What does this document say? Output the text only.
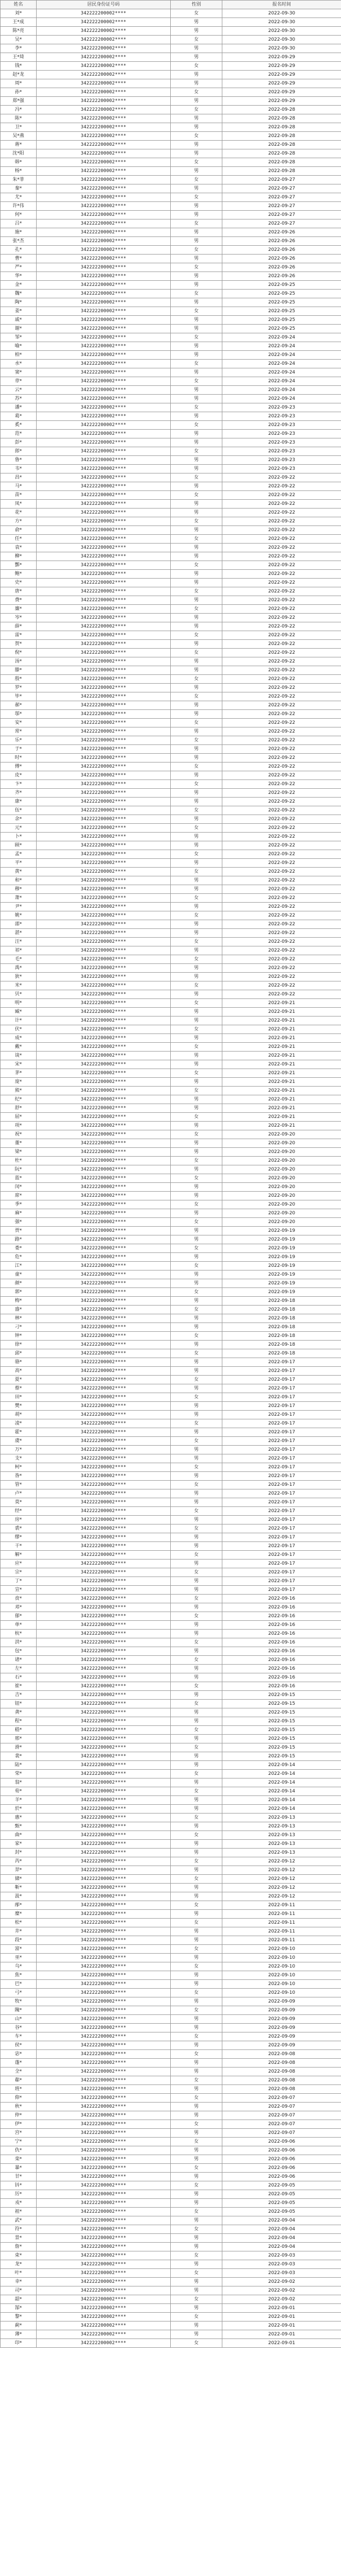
姓名	居民身份证号码	性别	报名时间
刘*	342222200002****	女	2022-09-30
王*成	342222200002****	男	2022-09-30
陈*亮	342222200002****	男	2022-09-30
吴*	342222200002****	女	2022-09-30
李*	342222200002****	男	2022-09-30
王*琦	342222200002****	男	2022-09-29
钱*	342222200002****	女	2022-09-29
赵*龙	342222200002****	男	2022-09-29
周*	342222200002****	男	2022-09-29
孙*	342222200002****	女	2022-09-29
郑*强	342222200002****	男	2022-09-29
冯*	342222200002****	女	2022-09-28
陈*	342222200002****	男	2022-09-28
卫*	342222200002****	男	2022-09-28
吴*燕	342222200002****	女	2022-09-28
蒋*	342222200002****	男	2022-09-28
沈*阳	342222200002****	男	2022-09-28
韩*	342222200002****	女	2022-09-28
杨*	342222200002****	男	2022-09-28
朱*菲	342222200002****	女	2022-09-27
秦*	342222200002****	男	2022-09-27
尤*	342222200002****	女	2022-09-27
许*伟	342222200002****	男	2022-09-27
何*	342222200002****	男	2022-09-27
吕*	342222200002****	女	2022-09-27
施*	342222200002****	男	2022-09-26
张*杰	342222200002****	男	2022-09-26
孔*	342222200002****	女	2022-09-26
曹*	342222200002****	男	2022-09-26
严*	342222200002****	女	2022-09-26
华*	342222200002****	男	2022-09-26
金*	342222200002****	男	2022-09-25
魏*	342222200002****	女	2022-09-25
陶*	342222200002****	男	2022-09-25
姜*	342222200002****	女	2022-09-25
戚*	342222200002****	男	2022-09-25
谢*	342222200002****	男	2022-09-25
邹*	342222200002****	女	2022-09-24
喻*	342222200002****	男	2022-09-24
柏*	342222200002****	男	2022-09-24
水*	342222200002****	女	2022-09-24
窦*	342222200002****	男	2022-09-24
章*	342222200002****	女	2022-09-24
云*	342222200002****	男	2022-09-24
苏*	342222200002****	男	2022-09-24
潘*	342222200002****	女	2022-09-23
葛*	342222200002****	男	2022-09-23
奚*	342222200002****	女	2022-09-23
范*	342222200002****	男	2022-09-23
彭*	342222200002****	男	2022-09-23
郎*	342222200002****	女	2022-09-23
鲁*	342222200002****	男	2022-09-23
韦*	342222200002****	男	2022-09-23
昌*	342222200002****	女	2022-09-22
马*	342222200002****	男	2022-09-22
苗*	342222200002****	女	2022-09-22
凤*	342222200002****	男	2022-09-22
花*	342222200002****	男	2022-09-22
方*	342222200002****	女	2022-09-22
俞*	342222200002****	男	2022-09-22
任*	342222200002****	女	2022-09-22
袁*	342222200002****	男	2022-09-22
柳*	342222200002****	男	2022-09-22
酆*	342222200002****	女	2022-09-22
鲍*	342222200002****	男	2022-09-22
史*	342222200002****	男	2022-09-22
唐*	342222200002****	女	2022-09-22
费*	342222200002****	男	2022-09-22
廉*	342222200002****	女	2022-09-22
岑*	342222200002****	男	2022-09-22
薛*	342222200002****	男	2022-09-22
雷*	342222200002****	女	2022-09-22
贺*	342222200002****	男	2022-09-22
倪*	342222200002****	女	2022-09-22
汤*	342222200002****	男	2022-09-22
滕*	342222200002****	男	2022-09-22
殷*	342222200002****	女	2022-09-22
罗*	342222200002****	男	2022-09-22
毕*	342222200002****	女	2022-09-22
郝*	342222200002****	男	2022-09-22
邬*	342222200002****	男	2022-09-22
安*	342222200002****	女	2022-09-22
常*	342222200002****	男	2022-09-22
乐*	342222200002****	女	2022-09-22
于*	342222200002****	男	2022-09-22
时*	342222200002****	男	2022-09-22
傅*	342222200002****	女	2022-09-22
皮*	342222200002****	男	2022-09-22
卞*	342222200002****	女	2022-09-22
齐*	342222200002****	男	2022-09-22
康*	342222200002****	男	2022-09-22
伍*	342222200002****	女	2022-09-22
余*	342222200002****	男	2022-09-22
元*	342222200002****	女	2022-09-22
卜*	342222200002****	男	2022-09-22
顾*	342222200002****	男	2022-09-22
孟*	342222200002****	女	2022-09-22
平*	342222200002****	男	2022-09-22
黄*	342222200002****	女	2022-09-22
和*	342222200002****	男	2022-09-22
穆*	342222200002****	男	2022-09-22
萧*	342222200002****	女	2022-09-22
尹*	342222200002****	男	2022-09-22
姚*	342222200002****	女	2022-09-22
邵*	342222200002****	男	2022-09-22
湛*	342222200002****	男	2022-09-22
汪*	342222200002****	女	2022-09-22
祁*	342222200002****	男	2022-09-22
毛*	342222200002****	女	2022-09-22
禹*	342222200002****	男	2022-09-22
狄*	342222200002****	男	2022-09-22
米*	342222200002****	女	2022-09-22
贝*	342222200002****	男	2022-09-22
明*	342222200002****	女	2022-09-21
臧*	342222200002****	男	2022-09-21
计*	342222200002****	男	2022-09-21
伏*	342222200002****	女	2022-09-21
成*	342222200002****	男	2022-09-21
戴*	342222200002****	女	2022-09-21
谈*	342222200002****	男	2022-09-21
宋*	342222200002****	男	2022-09-21
茅*	342222200002****	女	2022-09-21
庞*	342222200002****	男	2022-09-21
熊*	342222200002****	女	2022-09-21
纪*	342222200002****	男	2022-09-21
舒*	342222200002****	男	2022-09-21
屈*	342222200002****	女	2022-09-21
项*	342222200002****	男	2022-09-21
祝*	342222200002****	女	2022-09-20
董*	342222200002****	男	2022-09-20
梁*	342222200002****	男	2022-09-20
杜*	342222200002****	女	2022-09-20
阮*	342222200002****	男	2022-09-20
蓝*	342222200002****	女	2022-09-20
闵*	342222200002****	男	2022-09-20
席*	342222200002****	男	2022-09-20
季*	342222200002****	女	2022-09-20
麻*	342222200002****	男	2022-09-20
强*	342222200002****	女	2022-09-20
贾*	342222200002****	男	2022-09-19
路*	342222200002****	男	2022-09-19
娄*	342222200002****	女	2022-09-19
危*	342222200002****	男	2022-09-19
江*	342222200002****	女	2022-09-19
童*	342222200002****	男	2022-09-19
颜*	342222200002****	男	2022-09-19
郭*	342222200002****	女	2022-09-19
梅*	342222200002****	男	2022-09-18
盛*	342222200002****	女	2022-09-18
林*	342222200002****	男	2022-09-18
刁*	342222200002****	男	2022-09-18
钟*	342222200002****	女	2022-09-18
徐*	342222200002****	男	2022-09-18
邱*	342222200002****	女	2022-09-18
骆*	342222200002****	男	2022-09-17
高*	342222200002****	男	2022-09-17
夏*	342222200002****	女	2022-09-17
蔡*	342222200002****	男	2022-09-17
田*	342222200002****	女	2022-09-17
樊*	342222200002****	男	2022-09-17
胡*	342222200002****	男	2022-09-17
凌*	342222200002****	女	2022-09-17
霍*	342222200002****	男	2022-09-17
虞*	342222200002****	女	2022-09-17
万*	342222200002****	男	2022-09-17
支*	342222200002****	男	2022-09-17
柯*	342222200002****	女	2022-09-17
昝*	342222200002****	男	2022-09-17
管*	342222200002****	女	2022-09-17
卢*	342222200002****	男	2022-09-17
莫*	342222200002****	男	2022-09-17
经*	342222200002****	女	2022-09-17
房*	342222200002****	男	2022-09-17
裘*	342222200002****	女	2022-09-17
缪*	342222200002****	男	2022-09-17
干*	342222200002****	男	2022-09-17
解*	342222200002****	女	2022-09-17
应*	342222200002****	男	2022-09-17
宗*	342222200002****	女	2022-09-17
丁*	342222200002****	男	2022-09-17
宣*	342222200002****	男	2022-09-17
贲*	342222200002****	女	2022-09-16
邓*	342222200002****	男	2022-09-16
郁*	342222200002****	女	2022-09-16
单*	342222200002****	男	2022-09-16
杭*	342222200002****	男	2022-09-16
洪*	342222200002****	女	2022-09-16
包*	342222200002****	男	2022-09-16
诸*	342222200002****	女	2022-09-16
左*	342222200002****	男	2022-09-16
石*	342222200002****	男	2022-09-16
崔*	342222200002****	女	2022-09-16
吉*	342222200002****	男	2022-09-15
钮*	342222200002****	女	2022-09-15
龚*	342222200002****	男	2022-09-15
程*	342222200002****	男	2022-09-15
嵇*	342222200002****	女	2022-09-15
邢*	342222200002****	男	2022-09-15
滑*	342222200002****	女	2022-09-15
裴*	342222200002****	男	2022-09-15
陆*	342222200002****	男	2022-09-14
荣*	342222200002****	女	2022-09-14
翁*	342222200002****	男	2022-09-14
荀*	342222200002****	女	2022-09-14
羊*	342222200002****	男	2022-09-14
於*	342222200002****	男	2022-09-14
惠*	342222200002****	女	2022-09-13
甄*	342222200002****	男	2022-09-13
曲*	342222200002****	女	2022-09-13
家*	342222200002****	男	2022-09-13
封*	342222200002****	男	2022-09-13
芮*	342222200002****	女	2022-09-12
羿*	342222200002****	男	2022-09-12
储*	342222200002****	女	2022-09-12
靳*	342222200002****	男	2022-09-12
汲*	342222200002****	男	2022-09-12
邴*	342222200002****	女	2022-09-11
糜*	342222200002****	男	2022-09-11
松*	342222200002****	女	2022-09-11
井*	342222200002****	男	2022-09-11
段*	342222200002****	男	2022-09-11
富*	342222200002****	女	2022-09-10
巫*	342222200002****	男	2022-09-10
乌*	342222200002****	女	2022-09-10
焦*	342222200002****	男	2022-09-10
巴*	342222200002****	男	2022-09-10
弓*	342222200002****	女	2022-09-10
牧*	342222200002****	男	2022-09-09
隗*	342222200002****	女	2022-09-09
山*	342222200002****	男	2022-09-09
谷*	342222200002****	男	2022-09-09
车*	342222200002****	女	2022-09-09
侯*	342222200002****	男	2022-09-09
宓*	342222200002****	女	2022-09-08
蓬*	342222200002****	男	2022-09-08
全*	342222200002****	男	2022-09-08
郗*	342222200002****	女	2022-09-08
班*	342222200002****	男	2022-09-08
仰*	342222200002****	女	2022-09-07
秋*	342222200002****	男	2022-09-07
仲*	342222200002****	男	2022-09-07
伊*	342222200002****	女	2022-09-07
宫*	342222200002****	男	2022-09-07
宁*	342222200002****	女	2022-09-06
仇*	342222200002****	男	2022-09-06
栾*	342222200002****	男	2022-09-06
暴*	342222200002****	女	2022-09-06
甘*	342222200002****	男	2022-09-06
钭*	342222200002****	女	2022-09-05
厉*	342222200002****	男	2022-09-05
戎*	342222200002****	男	2022-09-05
祖*	342222200002****	女	2022-09-05
武*	342222200002****	男	2022-09-04
符*	342222200002****	女	2022-09-04
景*	342222200002****	男	2022-09-04
詹*	342222200002****	男	2022-09-04
束*	342222200002****	女	2022-09-03
龙*	342222200002****	男	2022-09-03
叶*	342222200002****	女	2022-09-03
幸*	342222200002****	男	2022-09-02
司*	342222200002****	男	2022-09-02
韶*	342222200002****	女	2022-09-02
郜*	342222200002****	男	2022-09-01
黎*	342222200002****	女	2022-09-01
蓟*	342222200002****	男	2022-09-01
薄*	342222200002****	男	2022-09-01
印*	342222200002****	女	2022-09-01
